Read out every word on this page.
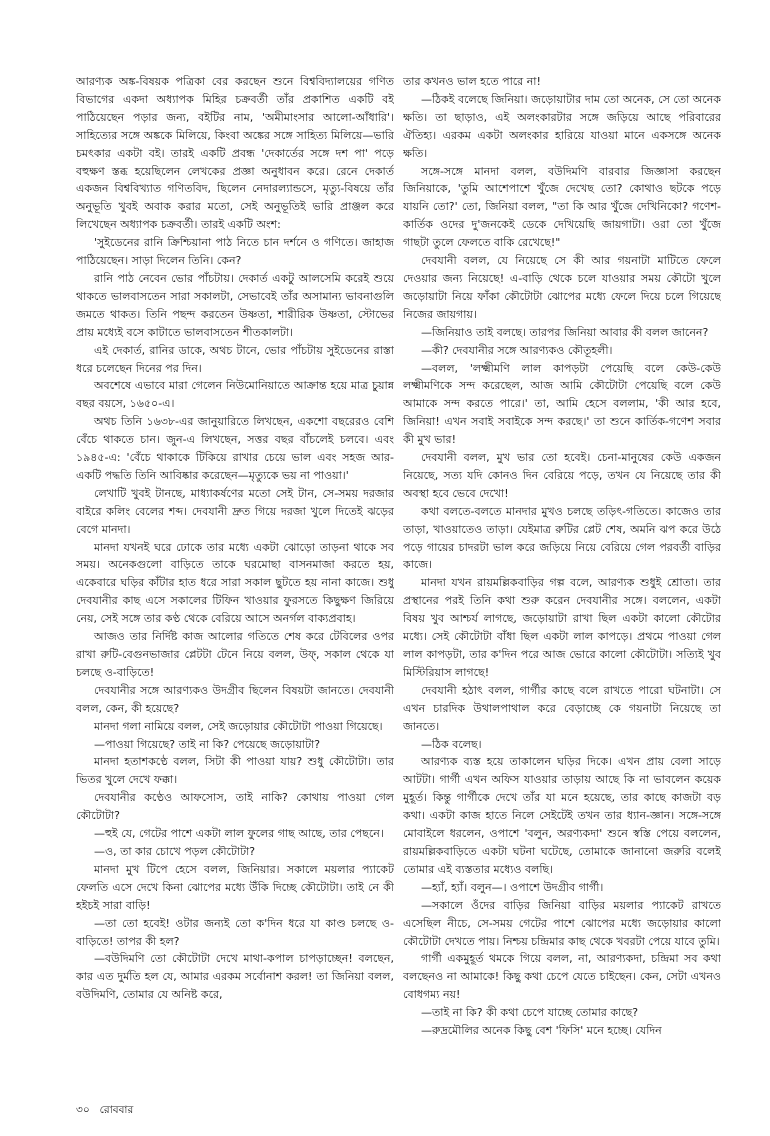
আরণ্যক অঙ্ক-বিষয়ক পত্রিকা বের করছেন শুনে বিশ্ববিদ্যালয়ের গণিত বিভাগের একদা অধ্যাপক মিহির চক্রবর্তী তাঁর প্রকাশিত একটি বই পাঠিয়েছেন পড়ার জন্য, বইটির নাম, 'অমীমাংসার আলো-আঁধারি'। সাহিত্যের সঙ্গে অঙ্ককে মিলিয়ে, কিংবা অঙ্কের সঙ্গে সাহিত্য মিলিয়ে—ভারি চমৎকার একটা বই। তারই একটি প্রবন্ধ 'দেকার্তের সঙ্গে দশ পা' পড়ে বহুক্ষণ স্তব্ধ হয়েছিলেন লেখকের প্রজ্ঞা অনুধাবন করে। রেনে দেকার্ত একজন বিশ্ববিখ্যাত গণিতবিদ, ছিলেন নেদারল্যান্ডসে, মৃত্যু-বিষয়ে তাঁর অনুভূতি খুবই অবাক করার মতো, সেই অনুভূতিই ভারি প্রাঞ্জল করে লিখেছেন অধ্যাপক চক্রবর্তী। তারই একটি অংশ:

'সুইডেনের রানি ক্রিশ্চিয়ানা পাঠ নিতে চান দর্শনে ও গণিতে। জাহাজ পাঠিয়েছেন। সাড়া দিলেন তিনি। কেন?

রানি পাঠ নেবেন ভোর পাঁচটায়। দেকার্ত একটু আলসেমি করেই শুয়ে থাকতে ভালবাসতেন সারা সকালটা, সেভাবেই তাঁর অসামান্য ভাবনাগুলি জমতে থাকত। তিনি পছন্দ করতেন উষ্ণতা, শারীরিক উষ্ণতা, স্টোভের প্রায় মধ্যেই বসে কাটাতে ভালবাসতেন শীতকালটা।

এই দেকার্ত, রানির ডাকে, অথচ টানে, ভোর পাঁচটায় সুইডেনের রাস্তা ধরে চলেছেন দিনের পর দিন।

অবশেষে এভাবে মারা গেলেন নিউমোনিয়াতে আক্রান্ত হয়ে মাত্র চুয়ান্ন বছর বয়সে, ১৬৫০-এ।

অথচ তিনি ১৬৩৮-এর জানুয়ারিতে লিখছেন, একশো বছরেরও বেশি বেঁচে থাকতে চান। জুন-এ লিখছেন, সত্তর বছর বাঁচলেই চলবে। এবং ১৯৪৫-এ: 'বেঁচে থাকাকে টিকিয়ে রাখার চেয়ে ভাল এবং সহজ আর-একটি পদ্ধতি তিনি আবিষ্কার করেছেন—মৃত্যুকে ভয় না পাওয়া।'

লেখাটি খুবই টানছে, মাধ্যাকর্ষণের মতো সেই টান, সে-সময় দরজার বাইরে কলিং বেলের শব্দ। দেবযানী দ্রুত গিয়ে দরজা খুলে দিতেই ঝড়ের বেগে মানদা।

মানদা যখনই ঘরে ঢোকে তার মধ্যে একটা ঝোড়ো তাড়না থাকে সব সময়। অনেকগুলো বাড়িতে তাকে ঘরমোছা বাসনমাজা করতে হয়, একেবারে ঘড়ির কাঁটার হাত ধরে সারা সকাল ছুটতে হয় নানা কাজে। শুধু দেবযানীর কাছ এসে সকালের টিফিন খাওয়ার ফুরসতে কিছুক্ষণ জিরিয়ে নেয়, সেই সঙ্গে তার কণ্ঠ থেকে বেরিয়ে আসে অনর্গল বাক্যপ্রবাহ।

আজও তার নির্দিষ্ট কাজ আলোর গতিতে শেষ করে টেবিলের ওপর রাখা রুটি-বেগুনভাজার প্লেটটা টেনে নিয়ে বলল, উফ্, সকাল থেকে যা চলছে ও-বাড়িতে!

দেবযানীর সঙ্গে আরণ্যকও উদগ্রীব ছিলেন বিষয়টা জানতে। দেবযানী বলল, কেন, কী হয়েছে?

মানদা গলা নামিয়ে বলল, সেই জড়োয়ার কৌটোটা পাওয়া গিয়েছে।

—পাওয়া গিয়েছে? তাই না কি? পেয়েছে জড়োয়াটা?

মানদা হতাশকণ্ঠে বলল, সিটা কী পাওয়া যায়? শুধু কৌটোটা। তার ভিতর খুলে দেখে ফক্কা।

দেবযানীর কণ্ঠেও আফসোস, তাই নাকি? কোথায় পাওয়া গেল কৌটোটা?

—হুই যে, গেটের পাশে একটা লাল ফুলের গাছ আছে, তার পেছনে।

—ও, তা কার চোখে পড়ল কৌটোটা?

মানদা মুখ টিপে হেসে বলল, জিনিয়ার। সকালে ময়লার প্যাকেট ফেলতি এসে দেখে কিনা ঝোপের মধ্যে উঁকি দিচ্ছে কৌটোটা। তাই নে কী হইচই সারা বাড়ি!

—তা তো হবেই! ওটার জন্যই তো ক'দিন ধরে যা কাণ্ড চলছে ও-বাড়িতে! তাপর কী হল?

—বউদিমণি তো কৌটোটা দেখে মাথা-কপাল চাপড়াচ্ছেন! বলছেন, কার এত দুর্মতি হল যে, আমার এরকম সর্বোনাশ করল! তা জিনিয়া বলল, বউদিমণি, তোমার যে অনিষ্ট করে,

তার কখনও ভাল হতে পারে না!

—ঠিকই বলেছে জিনিয়া। জড়োয়াটার দাম তো অনেক, সে তো অনেক ক্ষতি। তা ছাড়াও, এই অলংকারটার সঙ্গে জড়িয়ে আছে পরিবারের ঐতিহ্য। এরকম একটা অলংকার হারিয়ে যাওয়া মানে একসঙ্গে অনেক ক্ষতি।

সঙ্গে-সঙ্গে মানদা বলল, বউদিমণি বারবার জিজ্ঞাসা করছেন জিনিয়াকে, 'তুমি আশেপাশে খুঁজে দেখেছ তো? কোথাও ছটকে পড়ে যায়নি তো?' তো, জিনিয়া বলল, "তা কি আর খুঁজে দেখিনিকো? গণেশ-কার্তিক ওদের দু'জনকেই ডেকে দেখিয়েছি জায়গাটা। ওরা তো খুঁজে গাছটা তুলে ফেলতে বাকি রেখেছে!"

দেবযানী বলল, যে নিয়েছে সে কী আর গয়নাটা মাটিতে ফেলে দেওয়ার জন্য নিয়েছে! এ-বাড়ি থেকে চলে যাওয়ার সময় কৌটো খুলে জড়োয়াটা নিয়ে ফাঁকা কৌটোটা ঝোপের মধ্যে ফেলে দিয়ে চলে গিয়েছে নিজের জায়গায়।

—জিনিয়াও তাই বলছে। তারপর জিনিয়া আবার কী বলল জানেন?

—কী? দেবযানীর সঙ্গে আরণ্যকও কৌতূহলী।

—বলল, 'লক্ষ্মীমণি লাল কাপড়টা পেয়েছি বলে কেউ-কেউ লক্ষ্মীমণিকে সন্দ করেছেল, আজ আমি কৌটোটা পেয়েছি বলে কেউ আমাকে সন্দ করতে পারে।' তা, আমি হেসে বললাম, 'কী আর হবে, জিনিয়া! এখন সবাই সবাইকে সন্দ করছে।' তা শুনে কার্তিক-গণেশ সবার কী মুখ ভার!

দেবযানী বলল, মুখ ভার তো হবেই। চেনা-মানুষের কেউ একজন নিয়েছে, সত্য যদি কোনও দিন বেরিয়ে পড়ে, তখন যে নিয়েছে তার কী অবস্থা হবে ভেবে দেখো!

কথা বলতে-বলতে মানদার মুখও চলছে তড়িৎ-গতিতে। কাজেও তার তাড়া, খাওয়াতেও তাড়া। যেইমাত্র রুটির প্লেট শেষ, অমনি ঝপ করে উঠে পড়ে গায়ের চাদরটা ভাল করে জড়িয়ে নিয়ে বেরিয়ে গেল পরবর্তী বাড়ির কাজে।

মানদা যখন রায়মল্লিকবাড়ির গল্প বলে, আরণ্যক শুধুই শ্রোতা। তার প্রস্থানের পরই তিনি কথা শুরু করেন দেবযানীর সঙ্গে। বললেন, একটা বিষয় খুব আশ্চর্য লাগছে, জড়োয়াটা রাখা ছিল একটা কালো কৌটোর মধ্যে। সেই কৌটোটা বাঁধা ছিল একটা লাল কাপড়ে। প্রথমে পাওয়া গেল লাল কাপড়টা, তার ক'দিন পরে আজ ভোরে কালো কৌটোটা। সত্যিই খুব মিস্টিরিয়াস লাগছে!

দেবযানী হঠাৎ বলল, গার্গীর কাছে বলে রাখতে পারো ঘটনাটা। সে এখন চারদিক উথালপাথাল করে বেড়াচ্ছে কে গয়নাটা নিয়েছে তা জানতে।

—ঠিক বলেছ।

আরণ্যক ব্যস্ত হয়ে তাকালেন ঘড়ির দিকে। এখন প্রায় বেলা সাড়ে আটটা। গার্গী এখন অফিস যাওয়ার তাড়ায় আছে কি না ভাবলেন কয়েক মুহূর্ত। কিন্তু গার্গীকে দেখে তাঁর যা মনে হয়েছে, তার কাছে কাজটা বড় কথা। একটা কাজ হাতে নিলে সেইটেই তখন তার ধ্যান-জ্ঞান। সঙ্গে-সঙ্গে মোবাইলে ধরলেন, ওপাশে 'বলুন, অরণ্যকদা' শুনে স্বস্তি পেয়ে বললেন, রায়মল্লিকবাড়িতে একটা ঘটনা ঘটেছে, তোমাকে জানানো জরুরি বলেই তোমার এই ব্যস্ততার মধ্যেও বলছি।

—হ্যাঁ, হ্যাঁ। বলুন—। ওপাশে উদগ্রীব গার্গী।

—সকালে ওঁদের বাড়ির জিনিয়া বাড়ির ময়লার প্যাকেট রাখতে এসেছিল নীচে, সে-সময় গেটের পাশে ঝোপের মধ্যে জড়োয়ার কালো কৌটোটা দেখতে পায়। নিশ্চয় চন্দ্রিমার কাছ থেকে খবরটা পেয়ে যাবে তুমি।

গার্গী একমুহূর্ত থমকে গিয়ে বলল, না, আরণ্যকদা, চন্দ্রিমা সব কথা বলছেনও না আমাকে! কিছু কথা চেপে যেতে চাইছেন। কেন, সেটা এখনও বোধগম্য নয়!

—তাই না কি? কী কথা চেপে যাচ্ছে তোমার কাছে?

—রুদ্রমৌলির অনেক কিছু বেশ 'ফিসি' মনে হচ্ছে। যেদিন

৩০ রোববার
